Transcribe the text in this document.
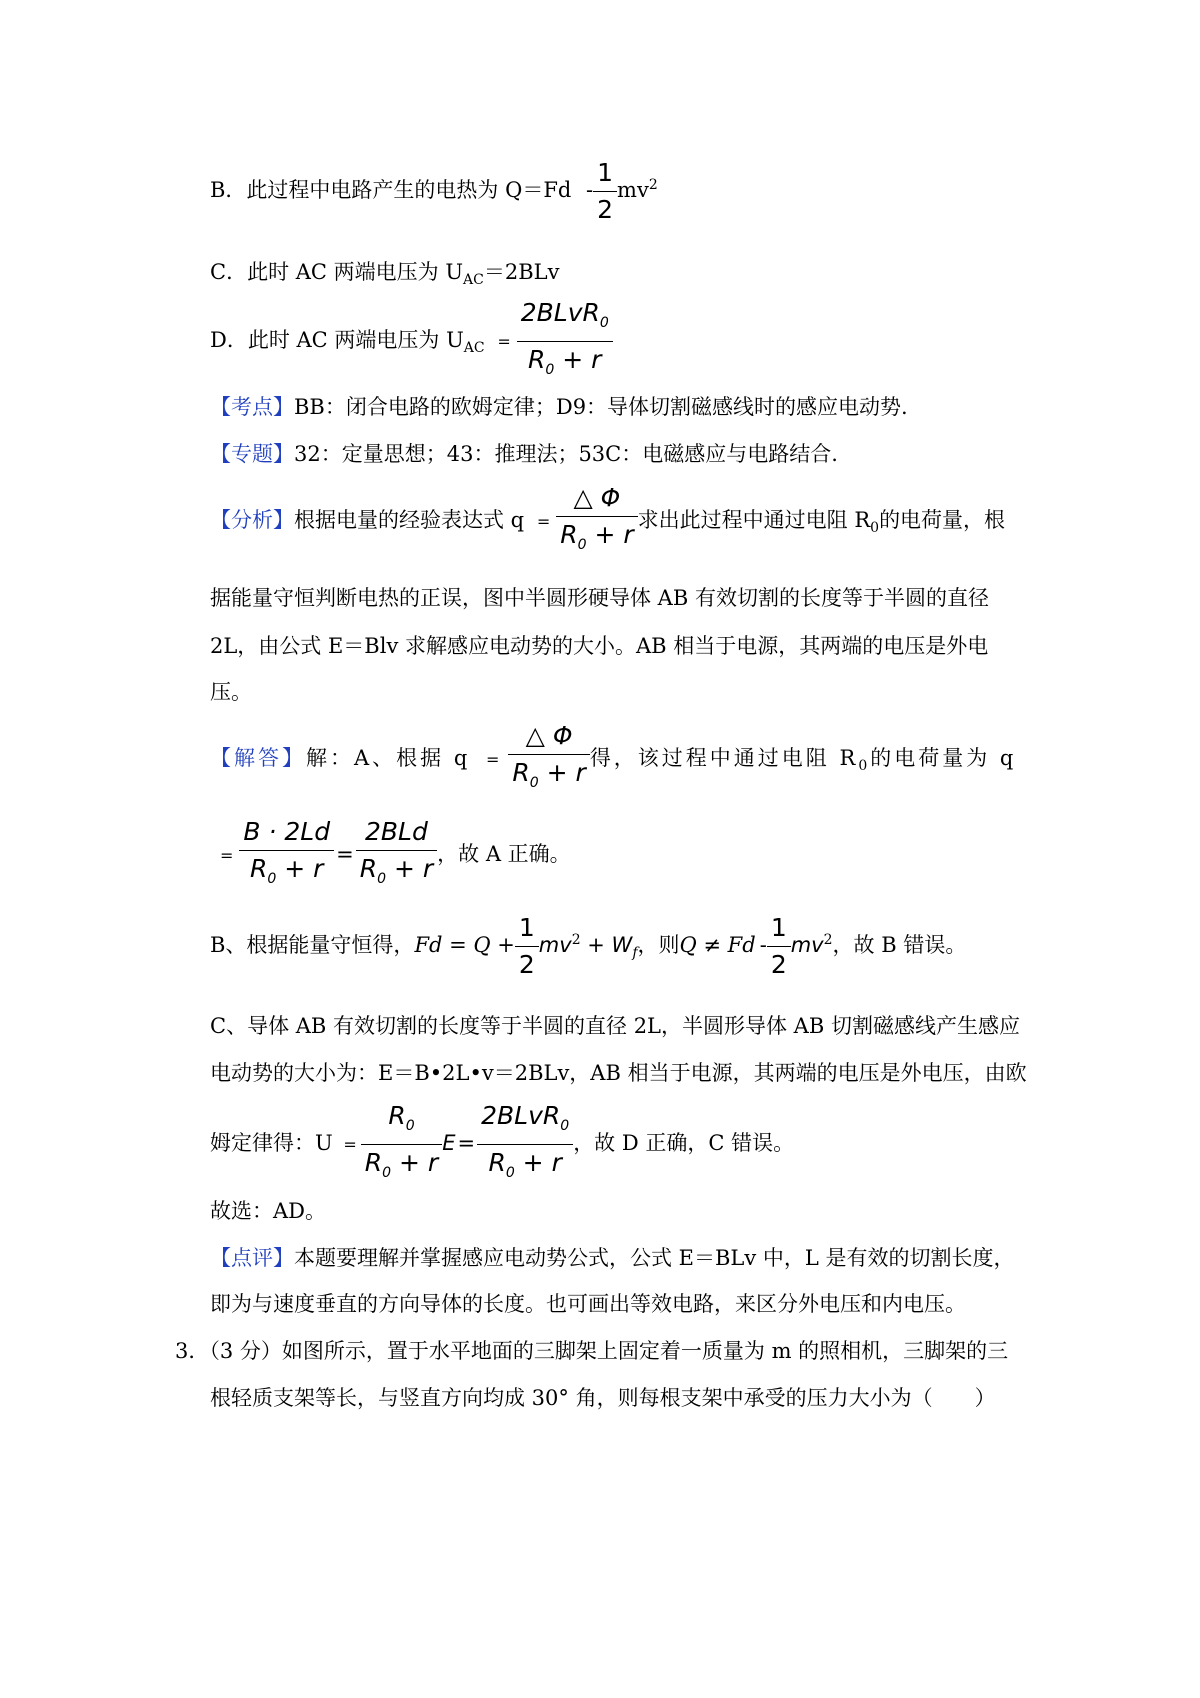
B．此过程中电路产生的电热为 $Q=Fd - \frac{1}{2} mv^2$
C．此时 AC 两端电压为 $U_{AC}=2BLv$
D．此时 AC 两端电压为 $U_{AC} = \frac{2BLvR_0}{R_0 + r}$
【考点】BB：闭合电路的欧姆定律；D9：导体切割磁感线时的感应电动势.
【专题】32：定量思想；43：推理法；53C：电磁感应与电路结合.
【分析】根据电量的经验表达式 $q = \frac{\triangle \Phi}{R_0 + r}$ 求出此过程中通过电阻 $R_0$的电荷量，根
据能量守恒判断电热的正误，图中半圆形硬导体 AB 有效切割的长度等于半圆的直径
2L，由公式 E＝Blv 求解感应电动势的大小。AB 相当于电源，其两端的电压是外电
压。
【解答】解：A、根据 $q = \frac{\triangle \Phi}{R_0 + r}$ 得，该过程中通过电阻 $R_0$的电荷量为 q
= $\frac{B \cdot 2Ld}{R_0 + r} = \frac{\text{2BLd}}{R_0 + r}$ ，故 A 正确。
B、根据能量守恒得，$Fd = Q + \frac{1}{2} mv^2 + W_f$，则$Q \ne Fd - \frac{1}{2} mv^2$，故 B 错误。
C、导体 AB 有效切割的长度等于半圆的直径 2L，半圆形导体 AB 切割磁感线产生感应
电动势的大小为：E＝B•2L•v＝2BLv，AB 相当于电源，其两端的电压是外电压，由欧
姆定律得：$U = \frac{R_0}{R_0 + r} E= \frac{2BLvR_0}{R_0 + r}$ ，故 D 正确，C 错误。
故选：AD。
【点评】本题要理解并掌握感应电动势公式，公式 E＝BLv 中，L 是有效的切割长度，
即为与速度垂直的方向导体的长度。也可画出等效电路，来区分外电压和内电压。
3．（3 分）如图所示，置于水平地面的三脚架上固定着一质量为 m 的照相机，三脚架的三
根轻质支架等长，与竖直方向均成 30° 角，则每根支架中承受的压力大小为（　　）
